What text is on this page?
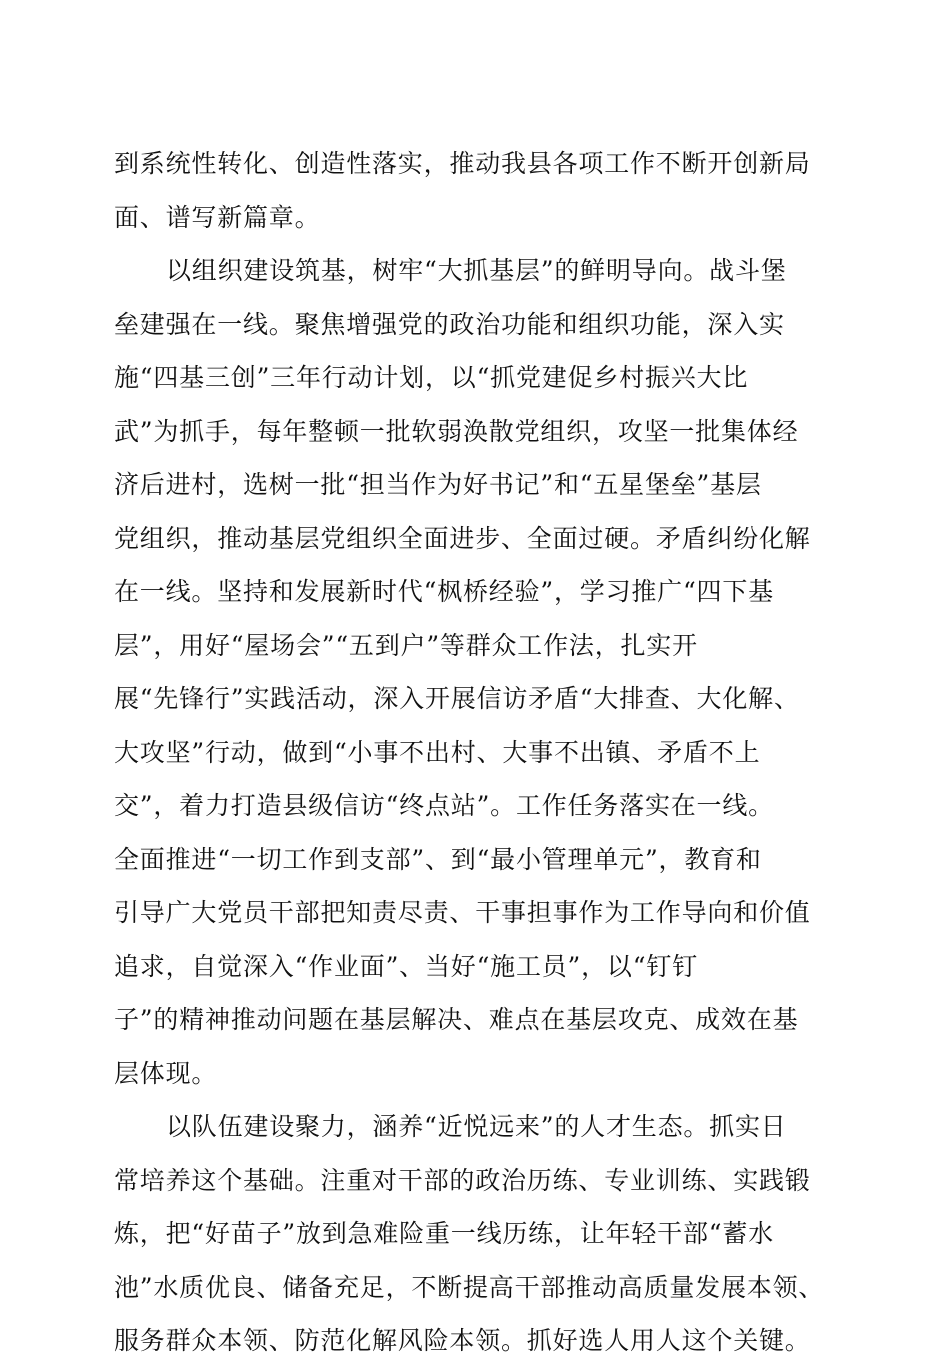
到系统性转化、创造性落实，推动我县各项工作不断开创新局
面、谱写新篇章。
以组织建设筑基，树牢“大抓基层”的鲜明导向。战斗堡
垒建强在一线。聚焦增强党的政治功能和组织功能，深入实
施“四基三创”三年行动计划，以“抓党建促乡村振兴大比
武”为抓手，每年整顿一批软弱涣散党组织，攻坚一批集体经
济后进村，选树一批“担当作为好书记”和“五星堡垒”基层
党组织，推动基层党组织全面进步、全面过硬。矛盾纠纷化解
在一线。坚持和发展新时代“枫桥经验”，学习推广“四下基
层”，用好“屋场会”“五到户”等群众工作法，扎实开
展“先锋行”实践活动，深入开展信访矛盾“大排查、大化解、
大攻坚”行动，做到“小事不出村、大事不出镇、矛盾不上
交”，着力打造县级信访“终点站”。工作任务落实在一线。
全面推进“一切工作到支部”、到“最小管理单元”，教育和
引导广大党员干部把知责尽责、干事担事作为工作导向和价值
追求，自觉深入“作业面”、当好“施工员”，以“钉钉
子”的精神推动问题在基层解决、难点在基层攻克、成效在基
层体现。
以队伍建设聚力，涵养“近悦远来”的人才生态。抓实日
常培养这个基础。注重对干部的政治历练、专业训练、实践锻
炼，把“好苗子”放到急难险重一线历练，让年轻干部“蓄水
池”水质优良、储备充足，不断提高干部推动高质量发展本领、
服务群众本领、防范化解风险本领。抓好选人用人这个关键。
